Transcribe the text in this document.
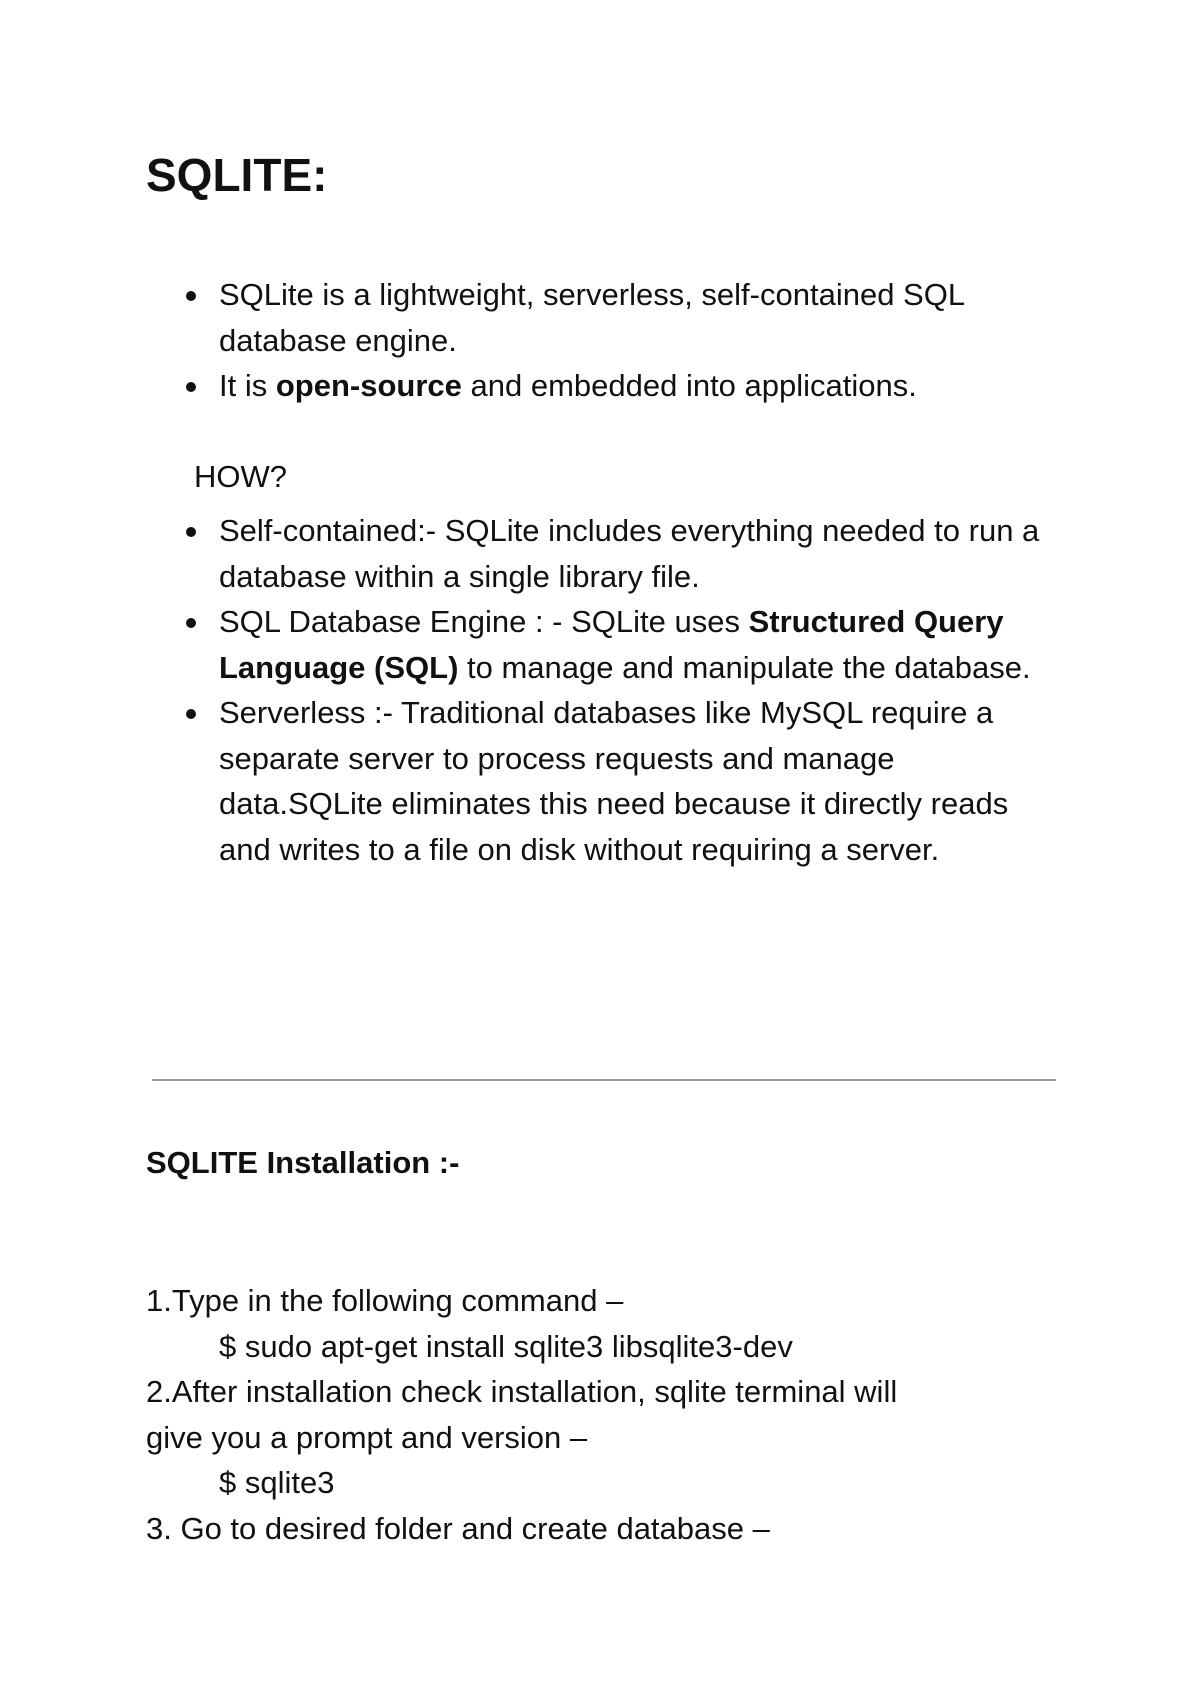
SQLITE:
SQLite is a lightweight, serverless, self-contained SQL database engine.
It is open-source and embedded into applications.
HOW?
Self-contained:- SQLite includes everything needed to run a database within a single library file.
SQL Database Engine : - SQLite uses Structured Query Language (SQL) to manage and manipulate the database.
Serverless :- Traditional databases like MySQL require a separate server to process requests and manage data.SQLite eliminates this need because it directly reads and writes to a file on disk without requiring a server.
SQLITE Installation :-
1.Type in the following command –
$ sudo apt-get install sqlite3 libsqlite3-dev
2.After installation check installation, sqlite terminal will
give you a prompt and version –
$ sqlite3
3. Go to desired folder and create database –
